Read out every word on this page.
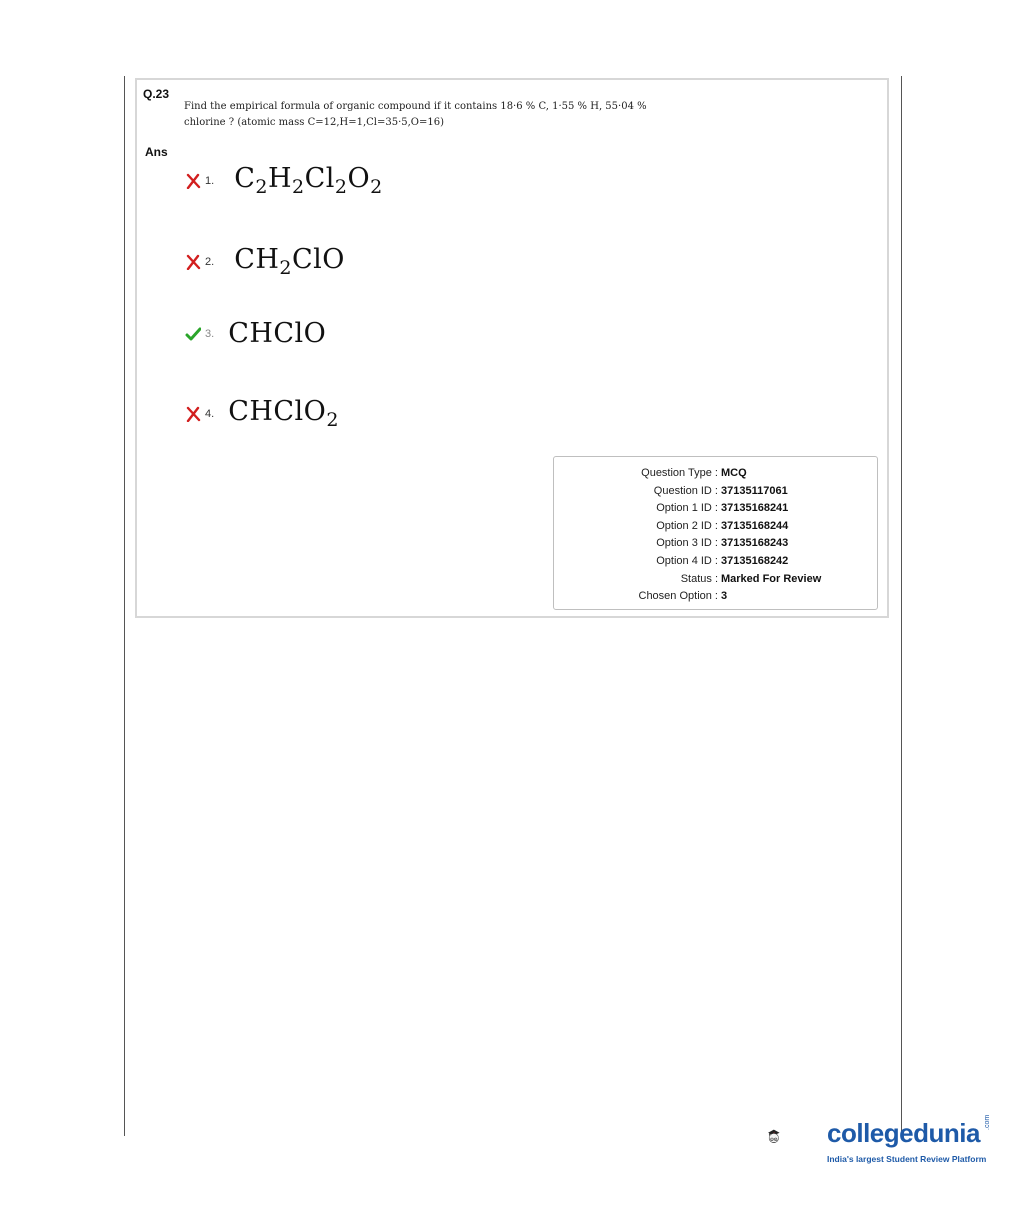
Q.23
Find the empirical formula of organic compound if it contains 18·6 % C, 1·55 % H, 55·04 %
chlorine ? (atomic mass C=12,H=1,Cl=35·5,O=16)
Ans
1. $C_2H_2Cl_2O_2$
2. $CH_2ClO$
3. CHClO
4. CHClO$_2$
Question Type : MCQ
Question ID : 37135117061
Option 1 ID : 37135168241
Option 2 ID : 37135168244
Option 3 ID : 37135168243
Option 4 ID : 37135168242
Status : Marked For Review
Chosen Option : 3
collegedunia .com
India's largest Student Review Platform
